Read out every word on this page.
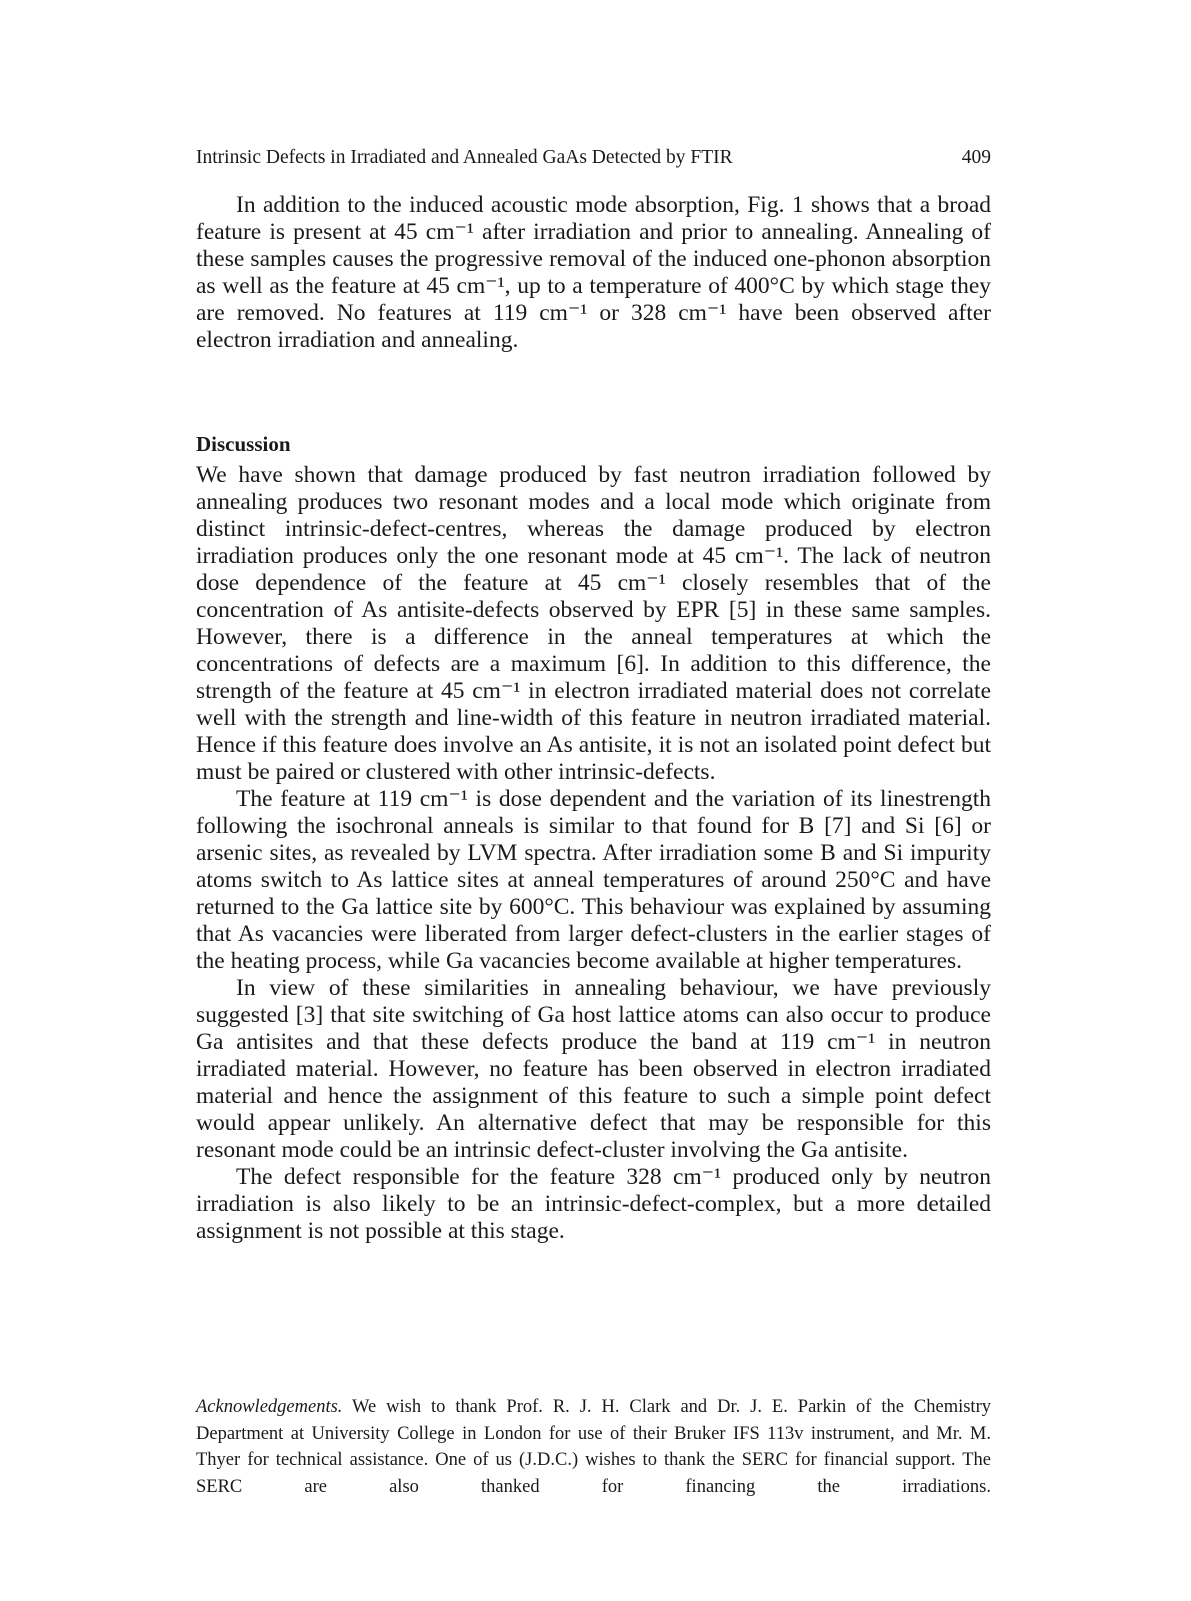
Intrinsic Defects in Irradiated and Annealed GaAs Detected by FTIR	409

In addition to the induced acoustic mode absorption, Fig. 1 shows that a broad feature is present at 45 cm⁻¹ after irradiation and prior to annealing. Annealing of these samples causes the progressive removal of the induced one-phonon absorption as well as the feature at 45 cm⁻¹, up to a temperature of 400°C by which stage they are removed. No features at 119 cm⁻¹ or 328 cm⁻¹ have been observed after electron irradiation and annealing.

Discussion

We have shown that damage produced by fast neutron irradiation followed by annealing produces two resonant modes and a local mode which originate from distinct intrinsic-defect-centres, whereas the damage produced by electron irradiation produces only the one resonant mode at 45 cm⁻¹. The lack of neutron dose dependence of the feature at 45 cm⁻¹ closely resembles that of the concentration of As antisite-defects observed by EPR [5] in these same samples. However, there is a difference in the anneal temperatures at which the concentrations of defects are a maximum [6]. In addition to this difference, the strength of the feature at 45 cm⁻¹ in electron irradiated material does not correlate well with the strength and line-width of this feature in neutron irradiated material. Hence if this feature does involve an As antisite, it is not an isolated point defect but must be paired or clustered with other intrinsic-defects.

The feature at 119 cm⁻¹ is dose dependent and the variation of its linestrength following the isochronal anneals is similar to that found for B [7] and Si [6] or arsenic sites, as revealed by LVM spectra. After irradiation some B and Si impurity atoms switch to As lattice sites at anneal temperatures of around 250°C and have returned to the Ga lattice site by 600°C. This behaviour was explained by assuming that As vacancies were liberated from larger defect-clusters in the earlier stages of the heating process, while Ga vacancies become available at higher temperatures.

In view of these similarities in annealing behaviour, we have previously suggested [3] that site switching of Ga host lattice atoms can also occur to produce Ga antisites and that these defects produce the band at 119 cm⁻¹ in neutron irradiated material. However, no feature has been observed in electron irradiated material and hence the assignment of this feature to such a simple point defect would appear unlikely. An alternative defect that may be responsible for this resonant mode could be an intrinsic defect-cluster involving the Ga antisite.

The defect responsible for the feature 328 cm⁻¹ produced only by neutron irradiation is also likely to be an intrinsic-defect-complex, but a more detailed assignment is not possible at this stage.

Acknowledgements. We wish to thank Prof. R. J. H. Clark and Dr. J. E. Parkin of the Chemistry Department at University College in London for use of their Bruker IFS 113v instrument, and Mr. M. Thyer for technical assistance. One of us (J.D.C.) wishes to thank the SERC for financial support. The SERC are also thanked for financing the irradiations.
